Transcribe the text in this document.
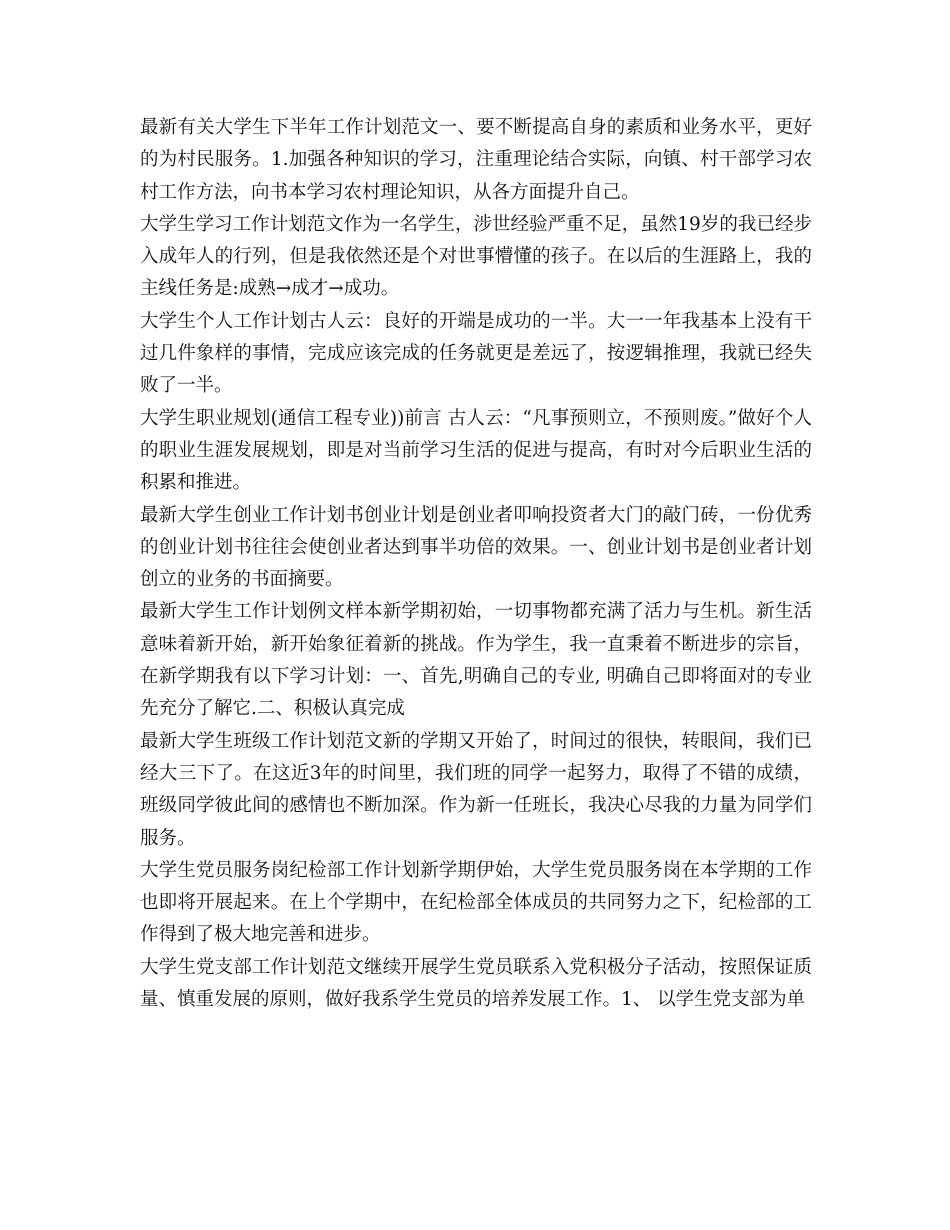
最新有关大学生下半年工作计划范文一、要不断提高自身的素质和业务水平，更好的为村民服务。1.加强各种知识的学习，注重理论结合实际，向镇、村干部学习农村工作方法，向书本学习农村理论知识，从各方面提升自己。

大学生学习工作计划范文作为一名学生，涉世经验严重不足，虽然19岁的我已经步入成年人的行列，但是我依然还是个对世事懵懂的孩子。在以后的生涯路上，我的主线任务是:成熟→成才→成功。

大学生个人工作计划古人云：良好的开端是成功的一半。大一一年我基本上没有干过几件象样的事情，完成应该完成的任务就更是差远了，按逻辑推理，我就已经失败了一半。

大学生职业规划(通信工程专业))前言 古人云：“凡事预则立，不预则废。”做好个人的职业生涯发展规划，即是对当前学习生活的促进与提高，有时对今后职业生活的积累和推进。

最新大学生创业工作计划书创业计划是创业者叩响投资者大门的敲门砖，一份优秀的创业计划书往往会使创业者达到事半功倍的效果。一、创业计划书是创业者计划创立的业务的书面摘要。

最新大学生工作计划例文样本新学期初始，一切事物都充满了活力与生机。新生活意味着新开始，新开始象征着新的挑战。作为学生，我一直秉着不断进步的宗旨，在新学期我有以下学习计划：一、首先,明确自己的专业, 明确自己即将面对的专业先充分了解它.二、积极认真完成

最新大学生班级工作计划范文新的学期又开始了，时间过的很快，转眼间，我们已经大三下了。在这近3年的时间里，我们班的同学一起努力，取得了不错的成绩，班级同学彼此间的感情也不断加深。作为新一任班长，我决心尽我的力量为同学们服务。

大学生党员服务岗纪检部工作计划新学期伊始，大学生党员服务岗在本学期的工作也即将开展起来。在上个学期中，在纪检部全体成员的共同努力之下，纪检部的工作得到了极大地完善和进步。

大学生党支部工作计划范文继续开展学生党员联系入党积极分子活动，按照保证质量、慎重发展的原则，做好我系学生党员的培养发展工作。1、 以学生党支部为单
